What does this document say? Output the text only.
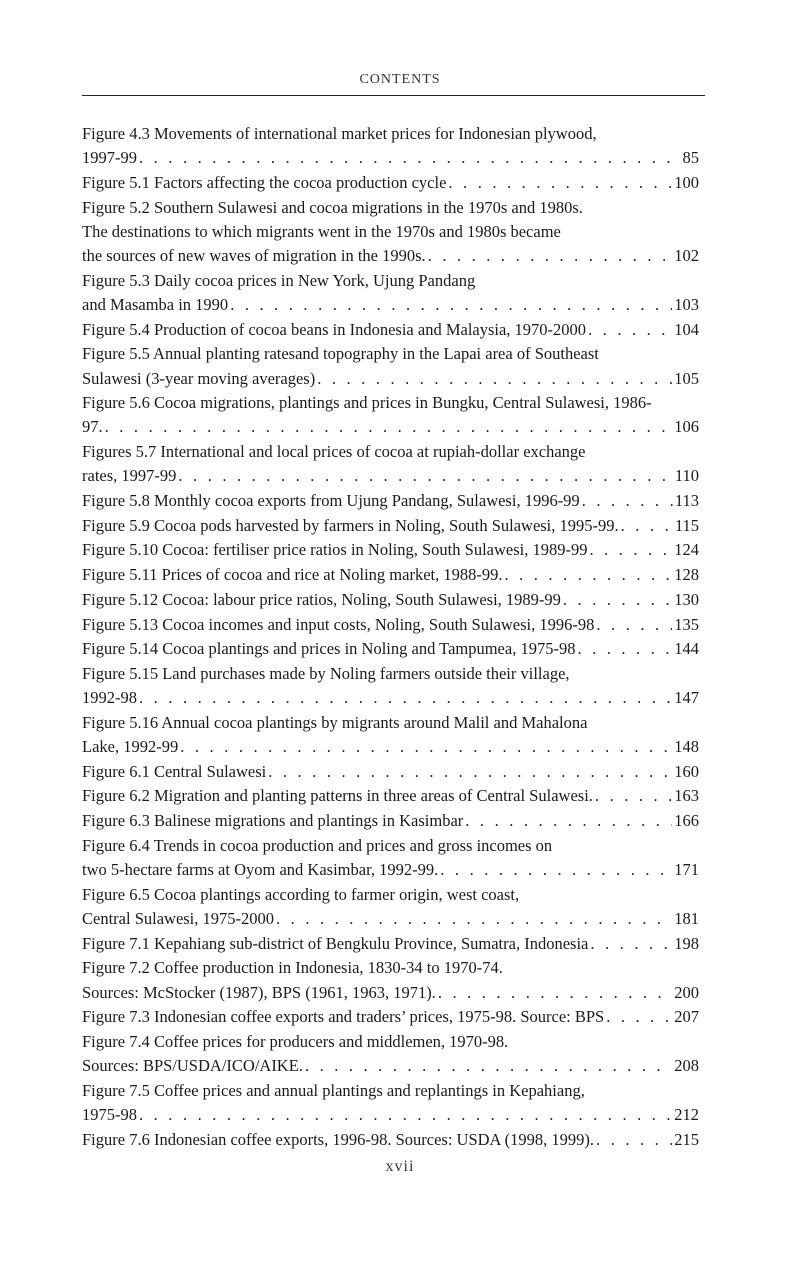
CONTENTS
Figure 4.3 Movements of international market prices for Indonesian plywood,
1997-99 . . .	85
Figure 5.1 Factors affecting the cocoa production cycle . . .	100
Figure 5.2 Southern Sulawesi and cocoa migrations in the 1970s and 1980s.
The destinations to which migrants went in the 1970s and 1980s became
the sources of new waves of migration in the 1990s. . . .	102
Figure 5.3 Daily cocoa prices in New York, Ujung Pandang
and Masamba in 1990 . . .	103
Figure 5.4 Production of cocoa beans in Indonesia and Malaysia, 1970-2000 . . .	104
Figure 5.5 Annual planting ratesand topography in the Lapai area of Southeast
Sulawesi (3-year moving averages) . . .	105
Figure 5.6 Cocoa migrations, plantings and prices in Bungku, Central Sulawesi, 1986-
97. . . .	106
Figures 5.7 International and local prices of cocoa at rupiah-dollar exchange
rates, 1997-99 . . .	110
Figure 5.8 Monthly cocoa exports from Ujung Pandang, Sulawesi, 1996-99 . . .	113
Figure 5.9 Cocoa pods harvested by farmers in Noling, South Sulawesi, 1995-99. . . .	115
Figure 5.10 Cocoa: fertiliser price ratios in Noling, South Sulawesi, 1989-99 . . .	124
Figure 5.11 Prices of cocoa and rice at Noling market, 1988-99. . . .	128
Figure 5.12 Cocoa: labour price ratios, Noling, South Sulawesi, 1989-99 . . .	130
Figure 5.13 Cocoa incomes and input costs, Noling, South Sulawesi, 1996-98 . . .	135
Figure 5.14 Cocoa plantings and prices in Noling and Tampumea, 1975-98 . . .	144
Figure 5.15 Land purchases made by Noling farmers outside their village,
1992-98 . . .	147
Figure 5.16 Annual cocoa plantings by migrants around Malil and Mahalona
Lake, 1992-99 . . .	148
Figure 6.1 Central Sulawesi . . .	160
Figure 6.2 Migration and planting patterns in three areas of Central Sulawesi. . . .	163
Figure 6.3 Balinese migrations and plantings in Kasimbar . . .	166
Figure 6.4 Trends in cocoa production and prices and gross incomes on
two 5-hectare farms at Oyom and Kasimbar, 1992-99. . . .	171
Figure 6.5 Cocoa plantings according to farmer origin, west coast,
Central Sulawesi, 1975-2000 . . .	181
Figure 7.1 Kepahiang sub-district of Bengkulu Province, Sumatra, Indonesia . . .	198
Figure 7.2 Coffee production in Indonesia, 1830-34 to 1970-74.
Sources: McStocker (1987), BPS (1961, 1963, 1971). . . .	200
Figure 7.3 Indonesian coffee exports and traders’ prices, 1975-98. Source: BPS . . .	207
Figure 7.4 Coffee prices for producers and middlemen, 1970-98.
Sources: BPS/USDA/ICO/AIKE. . . .	208
Figure 7.5 Coffee prices and annual plantings and replantings in Kepahiang,
1975-98 . . .	212
Figure 7.6 Indonesian coffee exports, 1996-98. Sources: USDA (1998, 1999). . . .	215
xvii
